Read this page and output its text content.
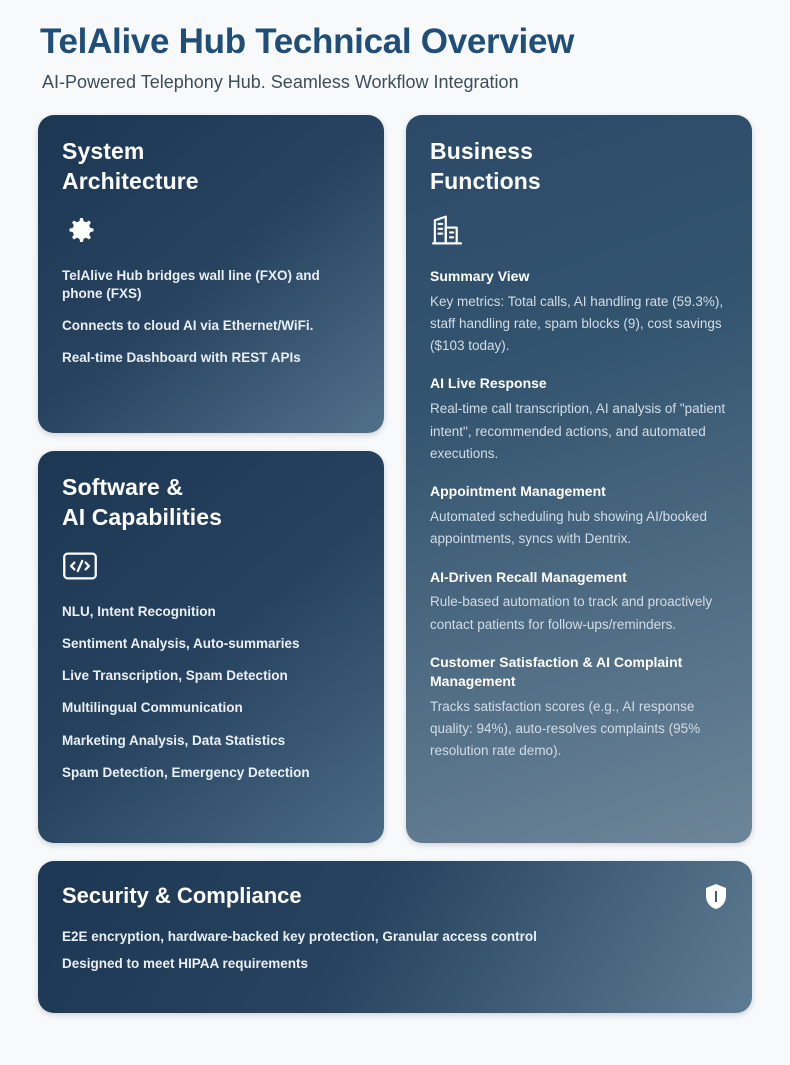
TelAlive Hub Technical Overview
AI-Powered Telephony Hub. Seamless Workflow Integration
System
Architecture
TelAlive Hub bridges wall line (FXO) and phone (FXS)
Connects to cloud AI via Ethernet/WiFi.
Real-time Dashboard with REST APIs
Software &
AI Capabilities
NLU, Intent Recognition
Sentiment Analysis, Auto-summaries
Live Transcription, Spam Detection
Multilingual Communication
Marketing Analysis, Data Statistics
Spam Detection, Emergency Detection
Business
Functions
Summary View
Key metrics: Total calls, AI handling rate (59.3%), staff handling rate, spam blocks (9), cost savings ($103 today).
AI Live Response
Real-time call transcription, AI analysis of "patient intent", recommended actions, and automated executions.
Appointment Management
Automated scheduling hub showing AI/booked appointments, syncs with Dentrix.
AI-Driven Recall Management
Rule-based automation to track and proactively contact patients for follow-ups/reminders.
Customer Satisfaction & AI Complaint Management
Tracks satisfaction scores (e.g., AI response quality: 94%), auto-resolves complaints (95% resolution rate demo).
Security & Compliance
E2E encryption, hardware-backed key protection, Granular access control
Designed to meet HIPAA requirements
